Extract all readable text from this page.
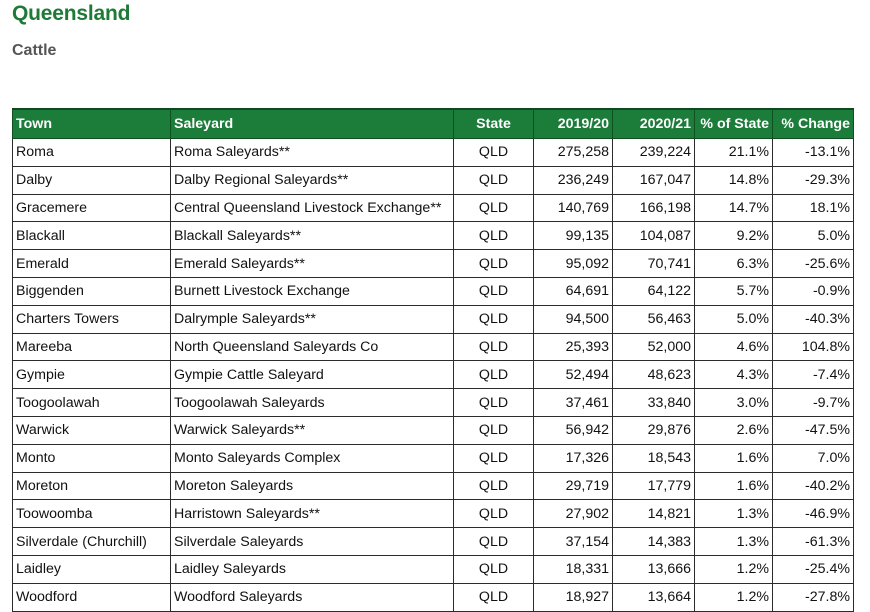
Queensland
Cattle
Town	Saleyard	State	2019/20	2020/21	% of State	% Change
Roma	Roma Saleyards**	QLD	275,258	239,224	21.1%	-13.1%
Dalby	Dalby Regional Saleyards**	QLD	236,249	167,047	14.8%	-29.3%
Gracemere	Central Queensland Livestock Exchange**	QLD	140,769	166,198	14.7%	18.1%
Blackall	Blackall Saleyards**	QLD	99,135	104,087	9.2%	5.0%
Emerald	Emerald Saleyards**	QLD	95,092	70,741	6.3%	-25.6%
Biggenden	Burnett Livestock Exchange	QLD	64,691	64,122	5.7%	-0.9%
Charters Towers	Dalrymple Saleyards**	QLD	94,500	56,463	5.0%	-40.3%
Mareeba	North Queensland Saleyards Co	QLD	25,393	52,000	4.6%	104.8%
Gympie	Gympie Cattle Saleyard	QLD	52,494	48,623	4.3%	-7.4%
Toogoolawah	Toogoolawah Saleyards	QLD	37,461	33,840	3.0%	-9.7%
Warwick	Warwick Saleyards**	QLD	56,942	29,876	2.6%	-47.5%
Monto	Monto Saleyards Complex	QLD	17,326	18,543	1.6%	7.0%
Moreton	Moreton Saleyards	QLD	29,719	17,779	1.6%	-40.2%
Toowoomba	Harristown Saleyards**	QLD	27,902	14,821	1.3%	-46.9%
Silverdale (Churchill)	Silverdale Saleyards	QLD	37,154	14,383	1.3%	-61.3%
Laidley	Laidley Saleyards	QLD	18,331	13,666	1.2%	-25.4%
Woodford	Woodford Saleyards	QLD	18,927	13,664	1.2%	-27.8%
